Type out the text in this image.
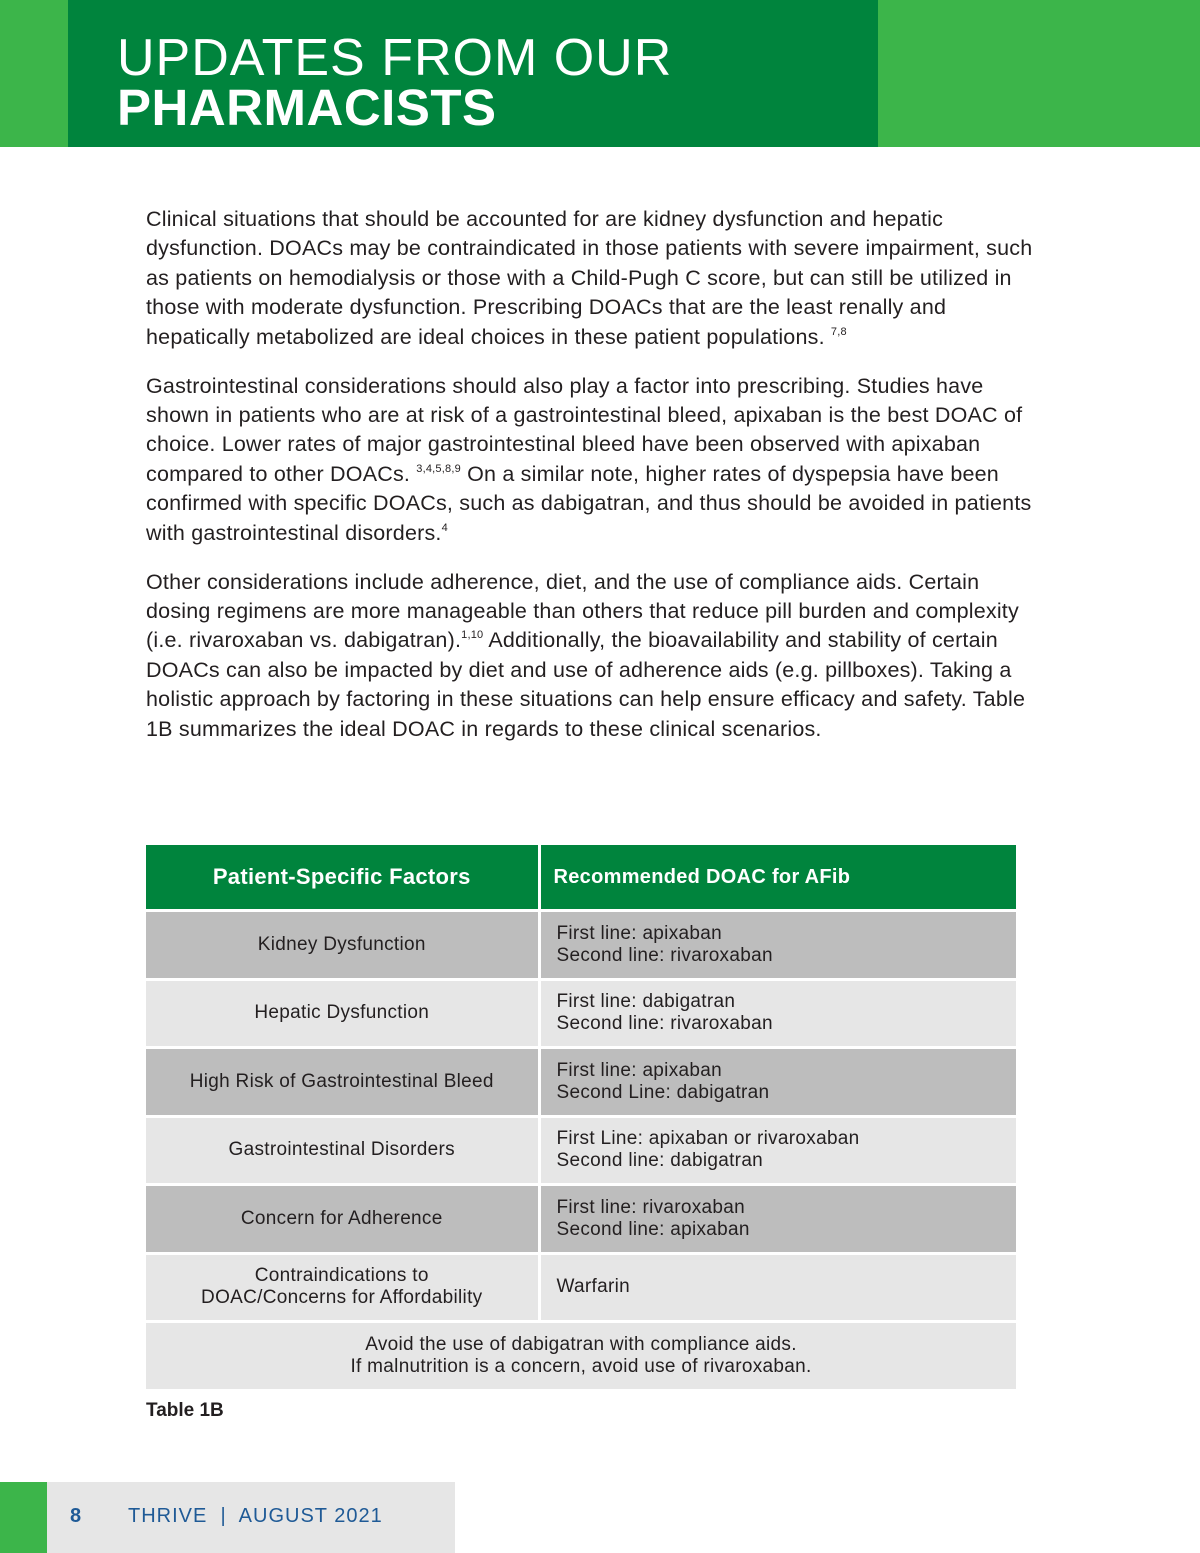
UPDATES FROM OUR
PHARMACISTS

Clinical situations that should be accounted for are kidney dysfunction and hepatic dysfunction. DOACs may be contraindicated in those patients with severe impairment, such as patients on hemodialysis or those with a Child-Pugh C score, but can still be utilized in those with moderate dysfunction. Prescribing DOACs that are the least renally and hepatically metabolized are ideal choices in these patient populations. $^{7,8}$

Gastrointestinal considerations should also play a factor into prescribing. Studies have shown in patients who are at risk of a gastrointestinal bleed, apixaban is the best DOAC of choice. Lower rates of major gastrointestinal bleed have been observed with apixaban compared to other DOACs. $^{3,4,5,8,9}$ On a similar note, higher rates of dyspepsia have been confirmed with specific DOACs, such as dabigatran, and thus should be avoided in patients with gastrointestinal disorders.$^4$

Other considerations include adherence, diet, and the use of compliance aids. Certain dosing regimens are more manageable than others that reduce pill burden and complexity (i.e. rivaroxaban vs. dabigatran).$^{1,10}$ Additionally, the bioavailability and stability of certain DOACs can also be impacted by diet and use of adherence aids (e.g. pillboxes). Taking a holistic approach by factoring in these situations can help ensure efficacy and safety. Table 1B summarizes the ideal DOAC in regards to these clinical scenarios.

Patient-Specific Factors	Recommended DOAC for AFib
Kidney Dysfunction	First line: apixaban
Second line: rivaroxaban
Hepatic Dysfunction	First line: dabigatran
Second line: rivaroxaban
High Risk of Gastrointestinal Bleed	First line: apixaban
Second Line: dabigatran
Gastrointestinal Disorders	First Line: apixaban or rivaroxaban
Second line: dabigatran
Concern for Adherence	First line: rivaroxaban
Second line: apixaban
Contraindications to
DOAC/Concerns for Affordability	Warfarin
Avoid the use of dabigatran with compliance aids.
If malnutrition is a concern, avoid use of rivaroxaban.	
Table 1B
8 THRIVE  |  AUGUST 2021
